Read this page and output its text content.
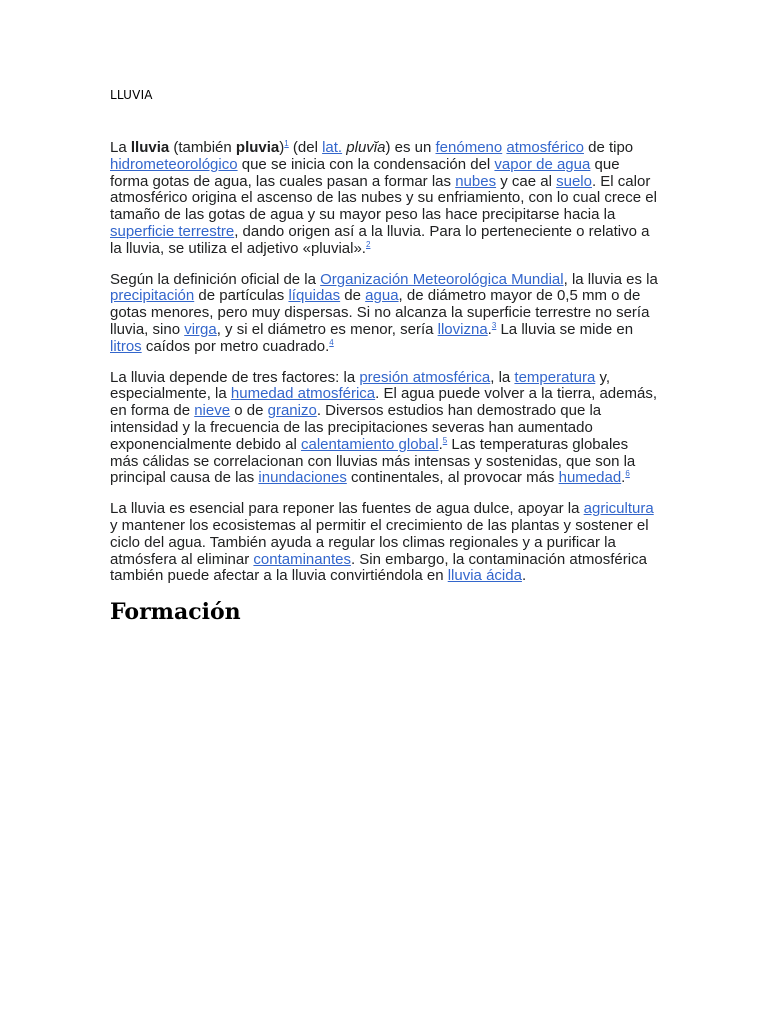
LLUVIA

La lluvia (también pluvia)$^1$ (del lat. pluvĭa) es un fenómeno atmosférico de tipo hidrometeorológico que se inicia con la condensación del vapor de agua que forma gotas de agua, las cuales pasan a formar las nubes y cae al suelo. El calor atmosférico origina el ascenso de las nubes y su enfriamiento, con lo cual crece el tamaño de las gotas de agua y su mayor peso las hace precipitarse hacia la superficie terrestre, dando origen así a la lluvia. Para lo perteneciente o relativo a la lluvia, se utiliza el adjetivo «pluvial».$^2$

Según la definición oficial de la Organización Meteorológica Mundial, la lluvia es la precipitación de partículas líquidas de agua, de diámetro mayor de 0,5 mm o de gotas menores, pero muy dispersas. Si no alcanza la superficie terrestre no sería lluvia, sino virga, y si el diámetro es menor, sería llovizna.$^3$ La lluvia se mide en litros caídos por metro cuadrado.$^4$

La lluvia depende de tres factores: la presión atmosférica, la temperatura y, especialmente, la humedad atmosférica. El agua puede volver a la tierra, además, en forma de nieve o de granizo. Diversos estudios han demostrado que la intensidad y la frecuencia de las precipitaciones severas han aumentado exponencialmente debido al calentamiento global.$^5$ Las temperaturas globales más cálidas se correlacionan con lluvias más intensas y sostenidas, que son la principal causa de las inundaciones continentales, al provocar más humedad.$^6$

La lluvia es esencial para reponer las fuentes de agua dulce, apoyar la agricultura y mantener los ecosistemas al permitir el crecimiento de las plantas y sostener el ciclo del agua. También ayuda a regular los climas regionales y a purificar la atmósfera al eliminar contaminantes. Sin embargo, la contaminación atmosférica también puede afectar a la lluvia convirtiéndola en lluvia ácida.

Formación
